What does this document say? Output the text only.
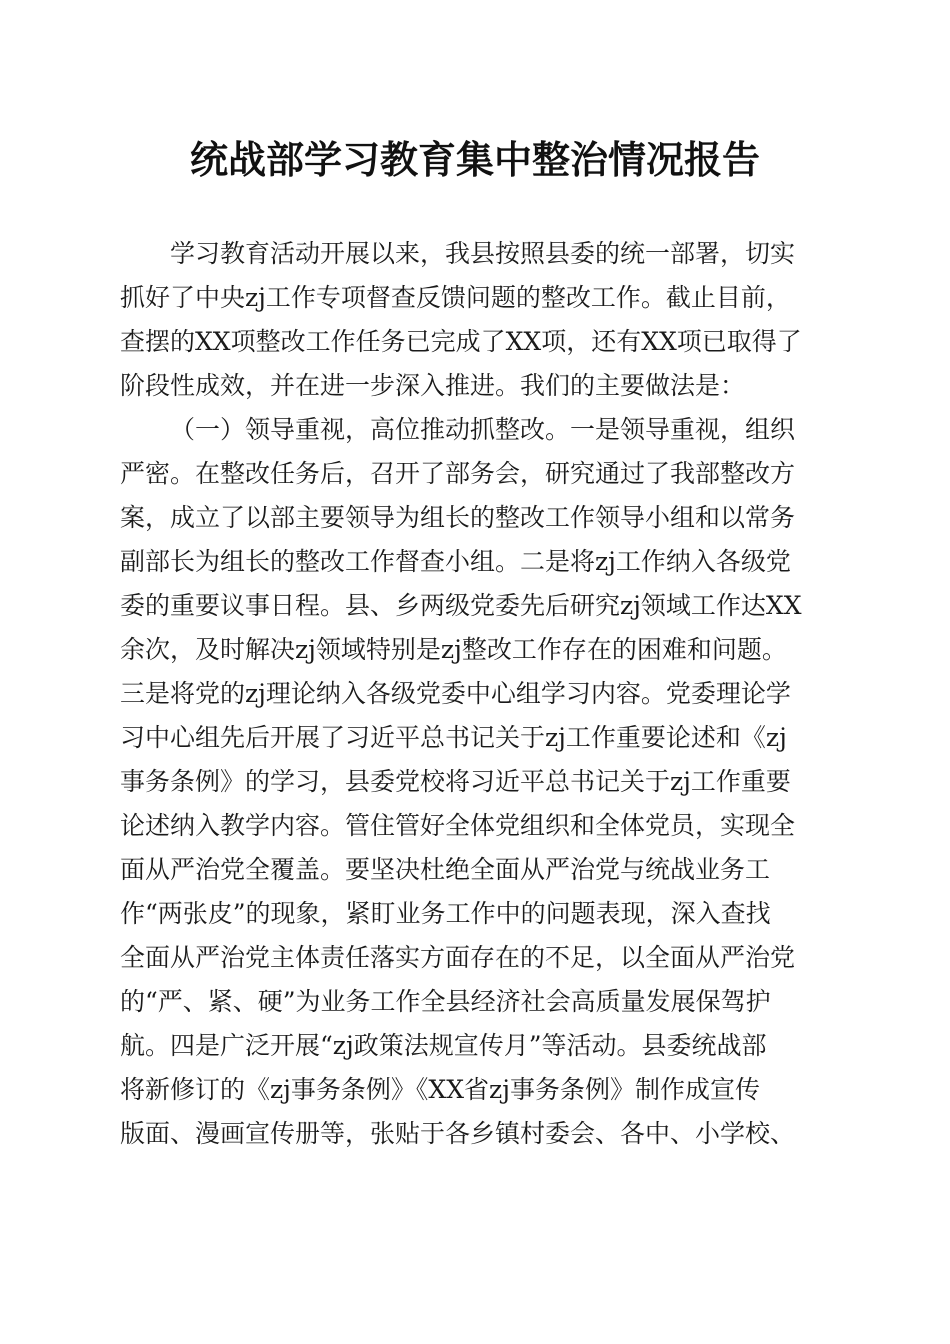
统战部学习教育集中整治情况报告
学习教育活动开展以来，我县按照县委的统一部署，切实
抓好了中央zj工作专项督查反馈问题的整改工作。截止目前，
查摆的XX项整改工作任务已完成了XX项，还有XX项已取得了
阶段性成效，并在进一步深入推进。我们的主要做法是：
（一）领导重视，高位推动抓整改。一是领导重视，组织
严密。在整改任务后，召开了部务会，研究通过了我部整改方
案，成立了以部主要领导为组长的整改工作领导小组和以常务
副部长为组长的整改工作督查小组。二是将zj工作纳入各级党
委的重要议事日程。县、乡两级党委先后研究zj领域工作达XX
余次，及时解决zj领域特别是zj整改工作存在的困难和问题。
三是将党的zj理论纳入各级党委中心组学习内容。党委理论学
习中心组先后开展了习近平总书记关于zj工作重要论述和《zj
事务条例》的学习，县委党校将习近平总书记关于zj工作重要
论述纳入教学内容。管住管好全体党组织和全体党员，实现全
面从严治党全覆盖。要坚决杜绝全面从严治党与统战业务工
作“两张皮”的现象，紧盯业务工作中的问题表现，深入查找
全面从严治党主体责任落实方面存在的不足，以全面从严治党
的“严、紧、硬”为业务工作全县经济社会高质量发展保驾护
航。四是广泛开展“zj政策法规宣传月”等活动。县委统战部
将新修订的《zj事务条例》《XX省zj事务条例》制作成宣传
版面、漫画宣传册等，张贴于各乡镇村委会、各中、小学校、
